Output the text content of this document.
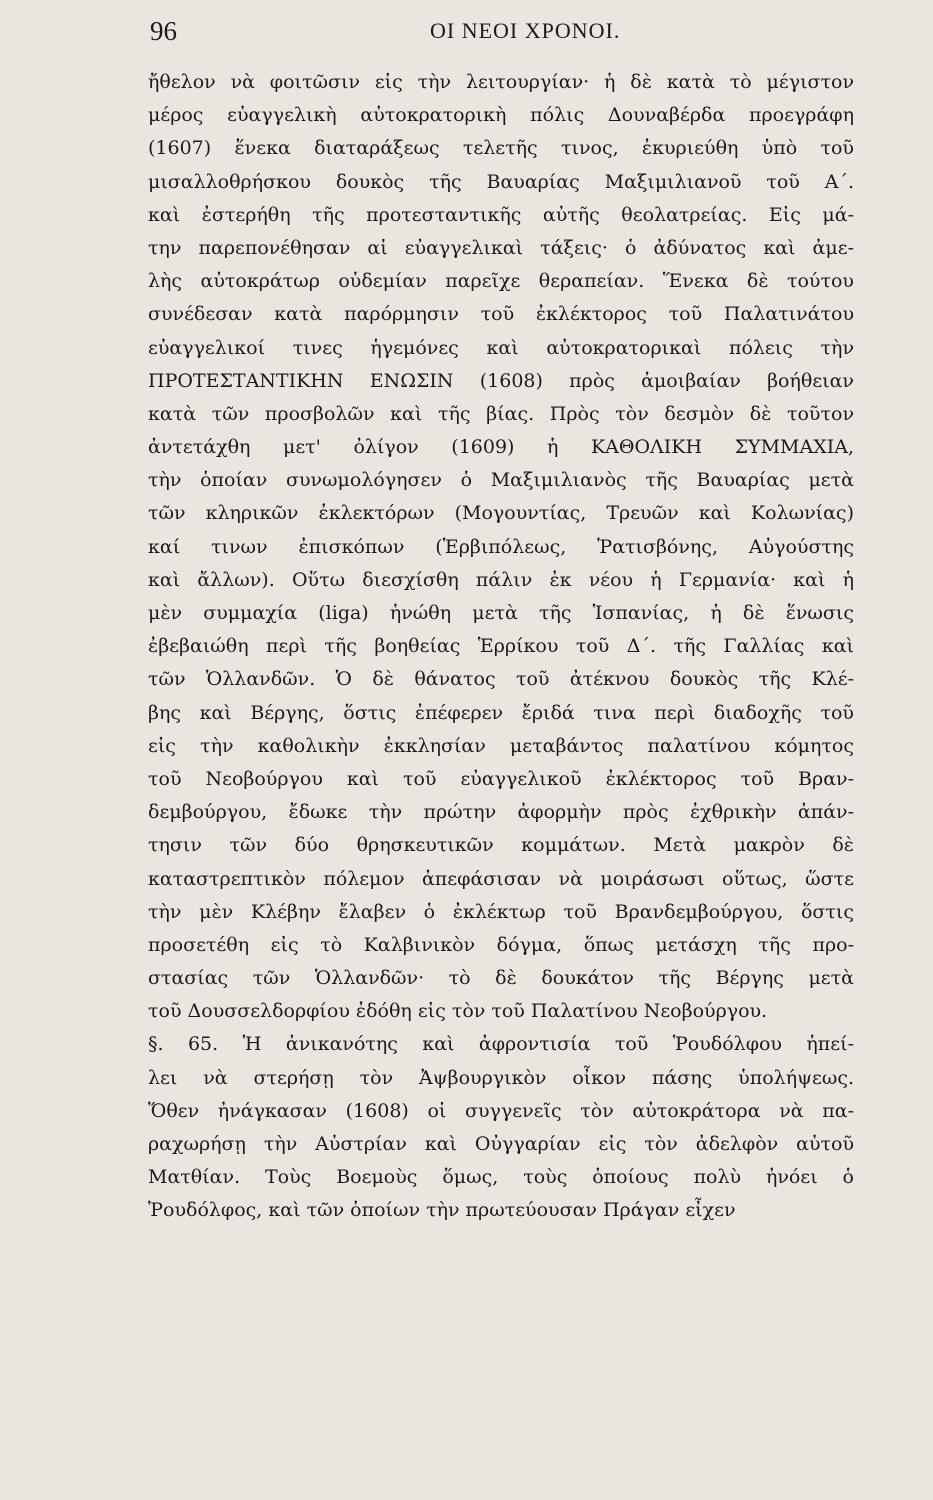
96	ΟΙ ΝΕΟΙ ΧΡΟΝΟΙ.
ἤθελον νὰ φοιτῶσιν εἰς τὴν λειτουργίαν· ἡ δὲ κατὰ τὸ μέγιστον
μέρος εὐαγγελικὴ αὐτοκρατορικὴ πόλις Δουναβέρδα προεγράφη
(1607) ἕνεκα διαταράξεως τελετῆς τινος, ἐκυριεύθη ὑπὸ τοῦ
μισαλλοθρήσκου δουκὸς τῆς Βαυαρίας Μαξιμιλιανοῦ τοῦ Α΄.
καὶ ἐστερήθη τῆς προτεσταντικῆς αὐτῆς θεολατρείας. Εἰς μά-
την παρεπονέθησαν αἱ εὐαγγελικαὶ τάξεις· ὁ ἀδύνατος καὶ ἀμε-
λὴς αὐτοκράτωρ οὐδεμίαν παρεῖχε θεραπείαν. Ἕνεκα δὲ τούτου
συνέδεσαν κατὰ παρόρμησιν τοῦ ἐκλέκτορος τοῦ Παλατινάτου
εὐαγγελικοί τινες ἡγεμόνες καὶ αὐτοκρατορικαὶ πόλεις τὴν
ΠΡΟΤΕΣΤΑΝΤΙΚΗΝ ΕΝΩΣΙΝ (1608) πρὸς ἀμοιβαίαν βοήθειαν
κατὰ τῶν προσβολῶν καὶ τῆς βίας. Πρὸς τὸν δεσμὸν δὲ τοῦτον
ἀντετάχθη μετ' ὀλίγον (1609) ἡ ΚΑΘΟΛΙΚΗ ΣΥΜΜΑΧΙΑ,
τὴν ὁποίαν συνωμολόγησεν ὁ Μαξιμιλιανὸς τῆς Βαυαρίας μετὰ
τῶν κληρικῶν ἐκλεκτόρων (Μογουντίας, Τρευῶν καὶ Κολωνίας)
καί τινων ἐπισκόπων (Ἑρβιπόλεως, Ῥατισβόνης, Αὐγούστης
καὶ ἄλλων). Οὕτω διεσχίσθη πάλιν ἐκ νέου ἡ Γερμανία· καὶ ἡ
μὲν συμμαχία (liga) ἡνώθη μετὰ τῆς Ἱσπανίας, ἡ δὲ ἕνωσις
ἐβεβαιώθη περὶ τῆς βοηθείας Ἑρρίκου τοῦ Δ΄. τῆς Γαλλίας καὶ
τῶν Ὁλλανδῶν. Ὁ δὲ θάνατος τοῦ ἀτέκνου δουκὸς τῆς Κλέ-
βης καὶ Βέργης, ὅστις ἐπέφερεν ἔριδά τινα περὶ διαδοχῆς τοῦ
εἰς τὴν καθολικὴν ἐκκλησίαν μεταβάντος παλατίνου κόμητος
τοῦ Νεοβούργου καὶ τοῦ εὐαγγελικοῦ ἐκλέκτορος τοῦ Βραν-
δεμβούργου, ἔδωκε τὴν πρώτην ἀφορμὴν πρὸς ἐχθρικὴν ἀπάν-
τησιν τῶν δύο θρησκευτικῶν κομμάτων. Μετὰ μακρὸν δὲ
καταστρεπτικὸν πόλεμον ἀπεφάσισαν νὰ μοιράσωσι οὕτως, ὥστε
τὴν μὲν Κλέβην ἔλαβεν ὁ ἐκλέκτωρ τοῦ Βρανδεμβούργου, ὅστις
προσετέθη εἰς τὸ Καλβινικὸν δόγμα, ὅπως μετάσχη τῆς προ-
στασίας τῶν Ὁλλανδῶν· τὸ δὲ δουκάτον τῆς Βέργης μετὰ
τοῦ Δουσσελδορφίου ἐδόθη εἰς τὸν τοῦ Παλατίνου Νεοβούργου.
§. 65. Ἡ ἀνικανότης καὶ ἀφροντισία τοῦ Ῥουδόλφου ἠπεί-
λει νὰ στερήσῃ τὸν Ἀψβουργικὸν οἶκον πάσης ὑπολήψεως.
Ὅθεν ἠνάγκασαν (1608) οἱ συγγενεῖς τὸν αὐτοκράτορα νὰ πα-
ραχωρήσῃ τὴν Αὐστρίαν καὶ Οὐγγαρίαν εἰς τὸν ἀδελφὸν αὐτοῦ
Ματθίαν. Τοὺς Βοεμοὺς ὅμως, τοὺς ὁποίους πολὺ ἠνόει ὁ
Ῥουδόλφος, καὶ τῶν ὁποίων τὴν πρωτεύουσαν Πράγαν εἶχεν
